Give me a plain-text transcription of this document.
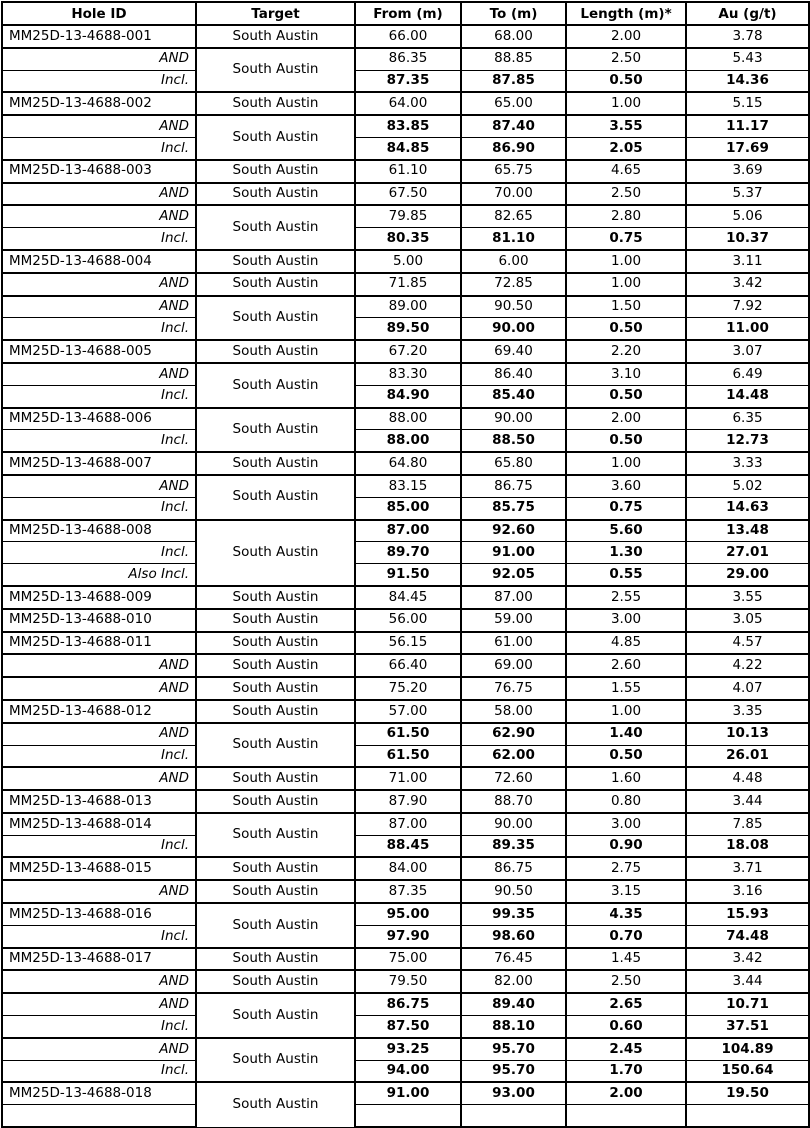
Hole ID	Target	From (m)	To (m)	Length (m)*	Au (g/t)
MM25D-13-4688-001	South Austin	66.00	68.00	2.00	3.78
AND	South Austin	86.35	88.85	2.50	5.43
Incl.		87.35	87.85	0.50	14.36
MM25D-13-4688-002	South Austin	64.00	65.00	1.00	5.15
AND	South Austin	83.85	87.40	3.55	11.17
Incl.		84.85	86.90	2.05	17.69
MM25D-13-4688-003	South Austin	61.10	65.75	4.65	3.69
AND	South Austin	67.50	70.00	2.50	5.37
AND	South Austin	79.85	82.65	2.80	5.06
Incl.		80.35	81.10	0.75	10.37
MM25D-13-4688-004	South Austin	5.00	6.00	1.00	3.11
AND	South Austin	71.85	72.85	1.00	3.42
AND	South Austin	89.00	90.50	1.50	7.92
Incl.		89.50	90.00	0.50	11.00
MM25D-13-4688-005	South Austin	67.20	69.40	2.20	3.07
AND	South Austin	83.30	86.40	3.10	6.49
Incl.		84.90	85.40	0.50	14.48
MM25D-13-4688-006	South Austin	88.00	90.00	2.00	6.35
Incl.		88.00	88.50	0.50	12.73
MM25D-13-4688-007	South Austin	64.80	65.80	1.00	3.33
AND	South Austin	83.15	86.75	3.60	5.02
Incl.		85.00	85.75	0.75	14.63
MM25D-13-4688-008	South Austin	87.00	92.60	5.60	13.48
Incl.		89.70	91.00	1.30	27.01
Also Incl.		91.50	92.05	0.55	29.00
MM25D-13-4688-009	South Austin	84.45	87.00	2.55	3.55
MM25D-13-4688-010	South Austin	56.00	59.00	3.00	3.05
MM25D-13-4688-011	South Austin	56.15	61.00	4.85	4.57
AND	South Austin	66.40	69.00	2.60	4.22
AND	South Austin	75.20	76.75	1.55	4.07
MM25D-13-4688-012	South Austin	57.00	58.00	1.00	3.35
AND	South Austin	61.50	62.90	1.40	10.13
Incl.		61.50	62.00	0.50	26.01
AND	South Austin	71.00	72.60	1.60	4.48
MM25D-13-4688-013	South Austin	87.90	88.70	0.80	3.44
MM25D-13-4688-014	South Austin	87.00	90.00	3.00	7.85
Incl.		88.45	89.35	0.90	18.08
MM25D-13-4688-015	South Austin	84.00	86.75	2.75	3.71
AND	South Austin	87.35	90.50	3.15	3.16
MM25D-13-4688-016	South Austin	95.00	99.35	4.35	15.93
Incl.		97.90	98.60	0.70	74.48
MM25D-13-4688-017	South Austin	75.00	76.45	1.45	3.42
AND	South Austin	79.50	82.00	2.50	3.44
AND	South Austin	86.75	89.40	2.65	10.71
Incl.		87.50	88.10	0.60	37.51
AND	South Austin	93.25	95.70	2.45	104.89
Incl.		94.00	95.70	1.70	150.64
MM25D-13-4688-018	South Austin	91.00	93.00	2.00	19.50
